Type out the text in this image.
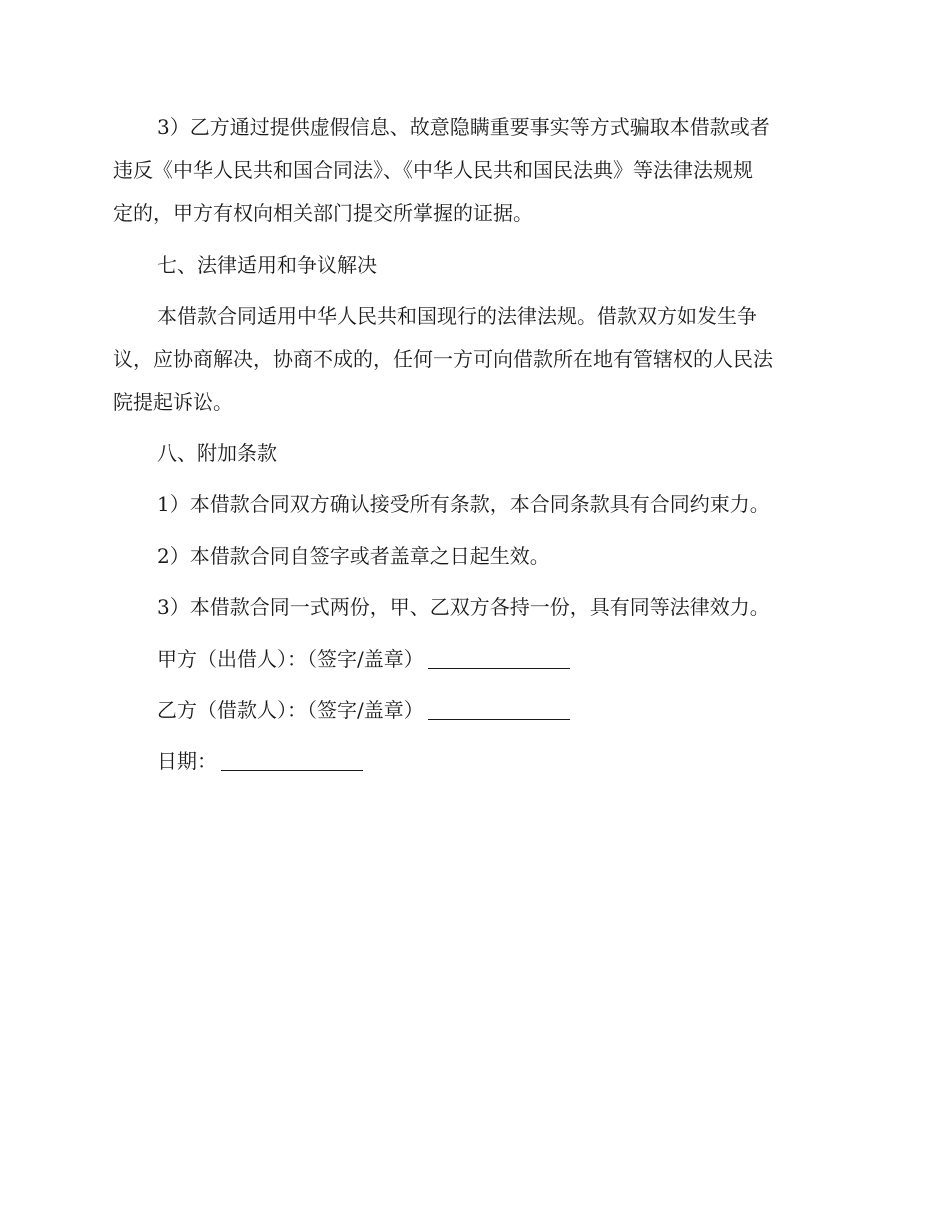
3）乙方通过提供虚假信息、故意隐瞒重要事实等方式骗取本借款或者
违反《中华人民共和国合同法》、《中华人民共和国民法典》等法律法规规
定的，甲方有权向相关部门提交所掌握的证据。
七、法律适用和争议解决
本借款合同适用中华人民共和国现行的法律法规。借款双方如发生争
议，应协商解决，协商不成的，任何一方可向借款所在地有管辖权的人民法
院提起诉讼。
八、附加条款
1）本借款合同双方确认接受所有条款，本合同条款具有合同约束力。
2）本借款合同自签字或者盖章之日起生效。
3）本借款合同一式两份，甲、乙双方各持一份，具有同等法律效力。
甲方（出借人）：（签字/盖章）
乙方（借款人）：（签字/盖章）
日期：
